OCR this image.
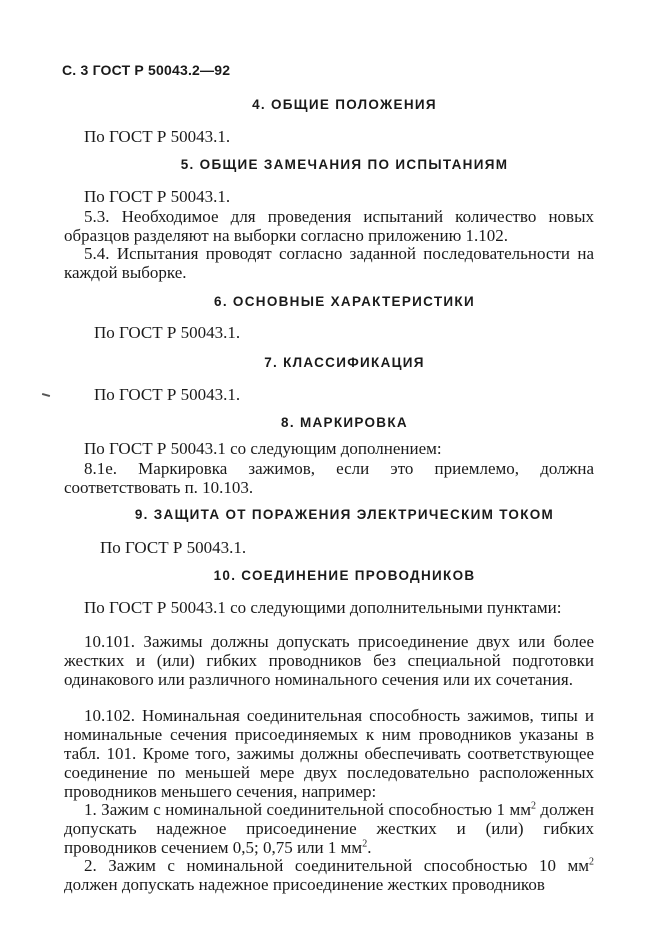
С. 3 ГОСТ Р 50043.2—92
4. ОБЩИЕ ПОЛОЖЕНИЯ
По ГОСТ Р 50043.1.
5. ОБЩИЕ ЗАМЕЧАНИЯ ПО ИСПЫТАНИЯМ
По ГОСТ Р 50043.1.
5.3. Необходимое для проведения испытаний количество новых образцов разделяют на выборки согласно приложению 1.102.
5.4. Испытания проводят согласно заданной последовательности на каждой выборке.
6. ОСНОВНЫЕ ХАРАКТЕРИСТИКИ
По ГОСТ Р 50043.1.
7. КЛАССИФИКАЦИЯ
По ГОСТ Р 50043.1.
8. МАРКИРОВКА
По ГОСТ Р 50043.1 со следующим дополнением:
8.1е. Маркировка зажимов, если это приемлемо, должна соответствовать п. 10.103.
9. ЗАЩИТА ОТ ПОРАЖЕНИЯ ЭЛЕКТРИЧЕСКИМ ТОКОМ
По ГОСТ Р 50043.1.
10. СОЕДИНЕНИЕ ПРОВОДНИКОВ
По ГОСТ Р 50043.1 со следующими дополнительными пунктами:
10.101. Зажимы должны допускать присоединение двух или более жестких и (или) гибких проводников без специальной подготовки одинакового или различного номинального сечения или их сочетания.
10.102. Номинальная соединительная способность зажимов, типы и номинальные сечения присоединяемых к ним проводников указаны в табл. 101. Кроме того, зажимы должны обеспечивать соответствующее соединение по меньшей мере двух последовательно расположенных проводников меньшего сечения, например:
1. Зажим с номинальной соединительной способностью 1 $мм^2$ должен допускать надежное присоединение жестких и (или) гибких проводников сечением 0,5; 0,75 или 1 $мм^2$.
2. Зажим с номинальной соединительной способностью 10 $мм^2$ должен допускать надежное присоединение жестких проводников
